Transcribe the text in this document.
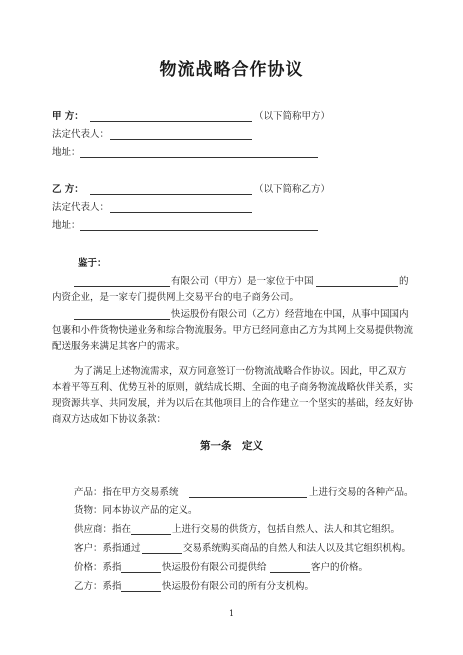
物流战略合作协议
甲 方：	（以下简称甲方）
法定代表人：
地址：
乙 方：	（以下简称乙方）
法定代表人：
地址：
鉴于：
有限公司（甲方）是一家位于中国	的
内资企业，是一家专门提供网上交易平台的电子商务公司。
快运股份有限公司（乙方）经营地在中国，从事中国国内
包裹和小件货物快递业务和综合物流服务。甲方已经同意由乙方为其网上交易提供物流
配送服务来满足其客户的需求。
为了满足上述物流需求，双方同意签订一份物流战略合作协议。因此，甲乙双方
本着平等互利、优势互补的原则，就结成长期、全面的电子商务物流战略伙伴关系，实
现资源共享、共同发展，并为以后在其他项目上的合作建立一个坚实的基础，经友好协
商双方达成如下协议条款：
第一条　定义
产品：指在甲方交易系统	上进行交易的各种产品。
货物：同本协议产品的定义。
供应商：指在	上进行交易的供货方，包括自然人、法人和其它组织。
客户：系指通过	交易系统购买商品的自然人和法人以及其它组织机构。
价格：系指	快运股份有限公司提供给	客户的价格。
乙方：系指	快运股份有限公司的所有分支机构。
1
